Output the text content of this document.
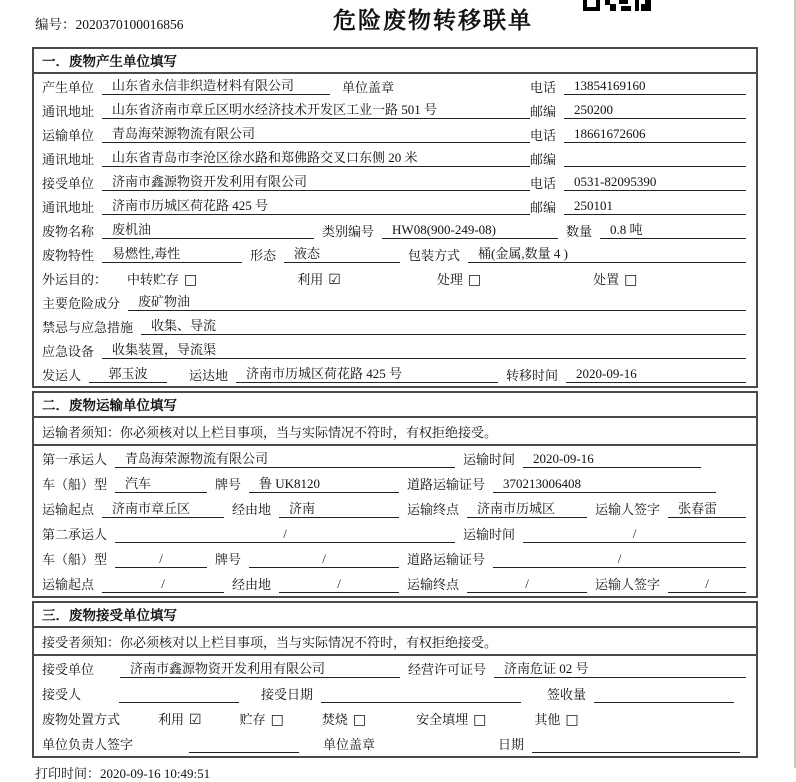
编号：2020370100016856	危险废物转移联单
一．废物产生单位填写
产生单位	山东省永信非织造材料有限公司	单位盖章	电话	13854169160
通讯地址	山东省济南市章丘区明水经济技术开发区工业一路 501 号	邮编	250200
运输单位	青岛海荣源物流有限公司	电话	18661672606
通讯地址	山东省青岛市李沧区徐水路和郑佛路交叉口东侧 20 米	邮编
接受单位	济南市鑫源物资开发利用有限公司	电话	0531-82095390
通讯地址	济南市历城区荷花路 425 号	邮编	250101
废物名称	废机油	类别编号	HW08(900-249-08)	数量	0.8 吨
废物特性	易燃性,毒性	形态	液态	包装方式	桶(金属,数量 4 )
外运目的： 中转贮存 □	利用 ☑	处理 □	处置 □
主要危险成分	废矿物油
禁忌与应急措施	收集、导流
应急设备	收集装置，导流渠
发运人	郭玉波	运达地	济南市历城区荷花路 425 号	转移时间	2020-09-16
二．废物运输单位填写
运输者须知：你必须核对以上栏目事项，当与实际情况不符时，有权拒绝接受。
第一承运人	青岛海荣源物流有限公司	运输时间	2020-09-16
车（船）型	汽车	牌号	鲁 UK8120	道路运输证号	370213006408
运输起点	济南市章丘区	经由地	济南	运输终点	济南市历城区	运输人签字	张春雷
第二承运人	/	运输时间	/
车（船）型	/	牌号	/	道路运输证号	/
运输起点	/	经由地	/	运输终点	/	运输人签字	/
三．废物接受单位填写
接受者须知：你必须核对以上栏目事项，当与实际情况不符时，有权拒绝接受。
接受单位	济南市鑫源物资开发利用有限公司	经营许可证号	济南危证 02 号
接受人	接受日期	签收量
废物处置方式	利用 ☑	贮存 □	焚烧 □	安全填埋 □	其他 □
单位负责人签字	单位盖章	日期
打印时间：2020-09-16 10:49:51
